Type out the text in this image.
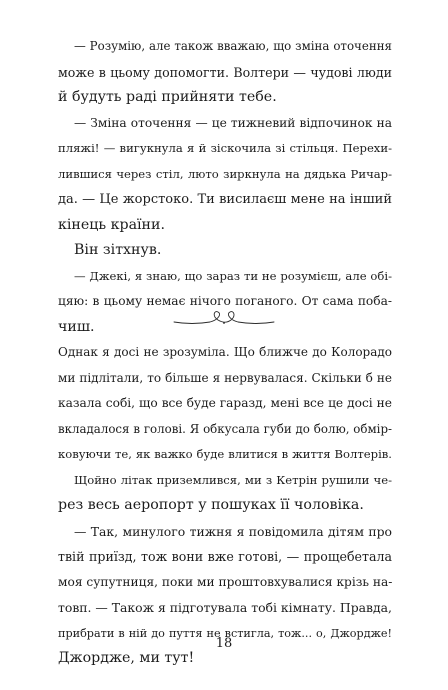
— Розумію, але також вважаю, що зміна оточення
може в цьому допомогти. Волтери — чудові люди
й будуть раді прийняти тебе.
— Зміна оточення — це тижневий відпочинок на
пляжі! — вигукнула я й зіскочила зі стільця. Перехи-
лившися через стіл, люто зиркнула на дядька Ричар-
да. — Це жорстоко. Ти висилаєш мене на інший
кінець країни.
Він зітхнув.
— Джекі, я знаю, що зараз ти не розумієш, але обі-
цяю: в цьому немає нічого поганого. От сама поба-
чиш.
Однак я досі не зрозуміла. Що ближче до Колорадо
ми підлітали, то більше я нервувалася. Скільки б не
казала собі, що все буде гаразд, мені все це досі не
вкладалося в голові. Я обкусала губи до болю, обмір-
ковуючи те, як важко буде влитися в життя Волтерів.
Щойно літак приземлився, ми з Кетрін рушили че-
рез весь аеропорт у пошуках її чоловіка.
— Так, минулого тижня я повідомила дітям про
твій приїзд, тож вони вже готові, — прощебетала
моя супутниця, поки ми проштовхувалися крізь на-
товп. — Також я підготувала тобі кімнату. Правда,
прибрати в ній до пуття не встигла, тож... о, Джордже!
Джордже, ми тут!
18
